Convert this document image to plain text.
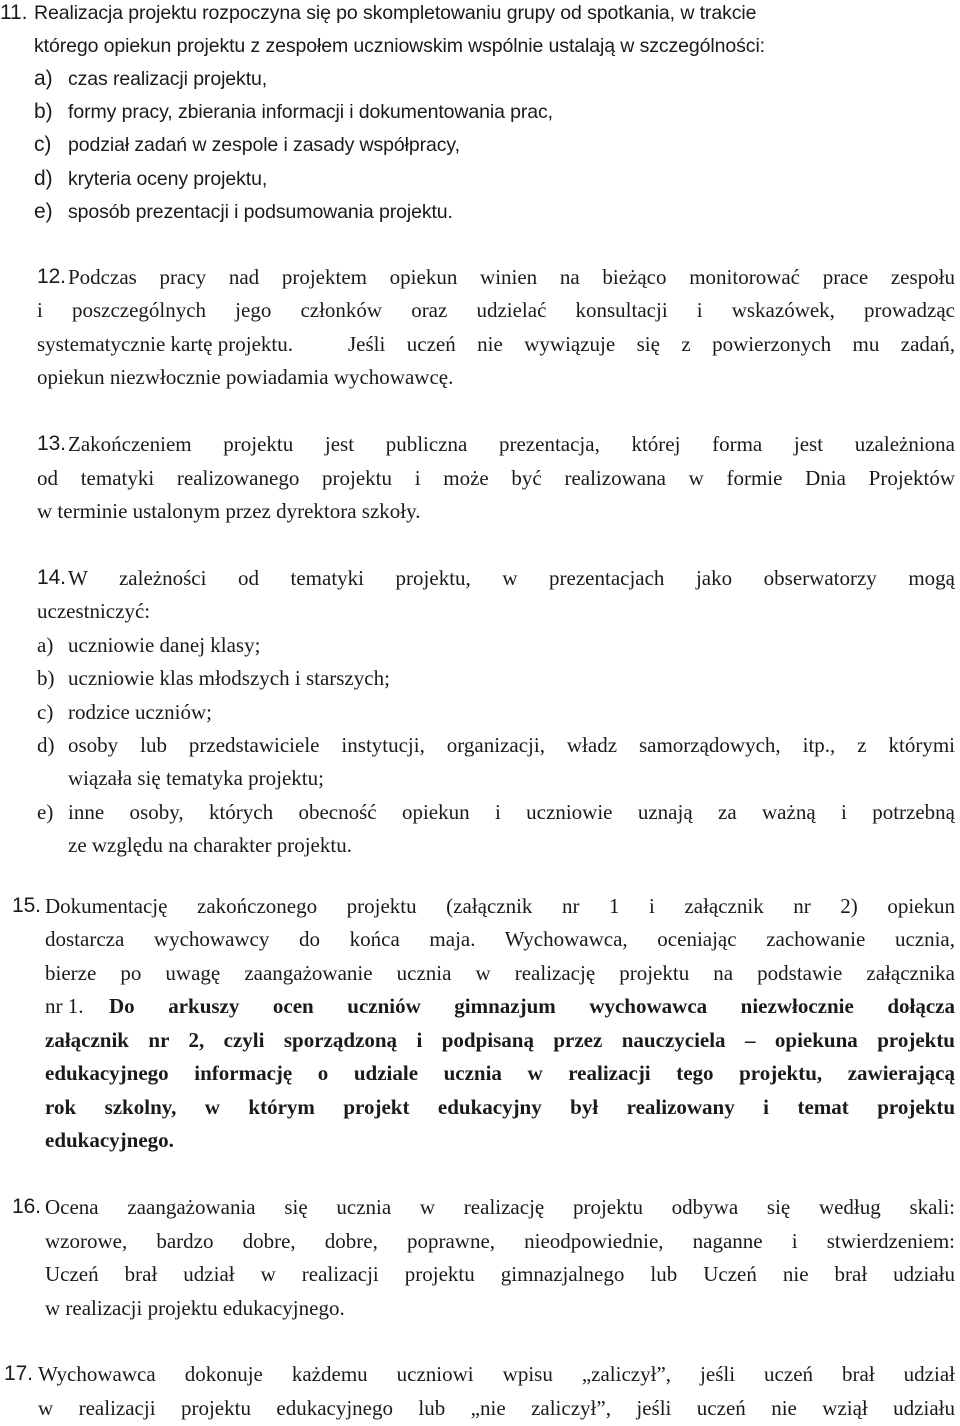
11. Realizacja projektu rozpoczyna się po skompletowaniu grupy od spotkania, w trakcie
którego opiekun projektu z zespołem uczniowskim wspólnie ustalają w szczególności:
a) czas realizacji projektu,
b) formy pracy, zbierania informacji i dokumentowania prac,
c) podział zadań w zespole i zasady współpracy,
d) kryteria oceny projektu,
e) sposób prezentacji i podsumowania projektu.
12. Podczas pracy nad projektem opiekun winien na bieżąco monitorować prace zespołu
i poszczególnych jego członków oraz udzielać konsultacji i wskazówek, prowadząc
systematycznie kartę projektu.	Jeśli uczeń nie wywiązuje się z powierzonych mu zadań,
opiekun niezwłocznie powiadamia wychowawcę.
13. Zakończeniem projektu jest publiczna prezentacja, której forma jest uzależniona
od tematyki realizowanego projektu i może być realizowana w formie Dnia Projektów
w terminie ustalonym przez dyrektora szkoły.
14. W zależności od tematyki projektu, w prezentacjach jako obserwatorzy mogą
uczestniczyć:
a) uczniowie danej klasy;
b) uczniowie klas młodszych i starszych;
c) rodzice uczniów;
d) osoby lub przedstawiciele instytucji, organizacji, władz samorządowych, itp., z którymi
wiązała się tematyka projektu;
e) inne osoby, których obecność opiekun i uczniowie uznają za ważną i potrzebną
ze względu na charakter projektu.
15. Dokumentację zakończonego projektu (załącznik nr 1 i załącznik nr 2) opiekun
dostarcza wychowawcy do końca maja. Wychowawca, oceniając zachowanie ucznia,
bierze po uwagę zaangażowanie ucznia w realizację projektu na podstawie załącznika
nr 1. Do arkuszy ocen uczniów gimnazjum wychowawca niezwłocznie dołącza
załącznik nr 2, czyli sporządzoną i podpisaną przez nauczyciela – opiekuna projektu
edukacyjnego informację o udziale ucznia w realizacji tego projektu, zawierającą
rok szkolny, w którym projekt edukacyjny był realizowany i temat projektu
edukacyjnego.
16. Ocena zaangażowania się ucznia w realizację projektu odbywa się według skali:
wzorowe, bardzo dobre, dobre, poprawne, nieodpowiednie, naganne i stwierdzeniem:
Uczeń brał udział w realizacji projektu gimnazjalnego lub Uczeń nie brał udziału
w realizacji projektu edukacyjnego.
17. Wychowawca dokonuje każdemu uczniowi wpisu „zaliczył”, jeśli uczeń brał udział
w realizacji projektu edukacyjnego lub „nie zaliczył”, jeśli uczeń nie wziął udziału
